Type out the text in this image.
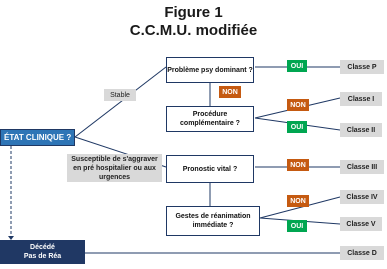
Figure 1
C.C.M.U. modifiée
ÉTAT CLINIQUE ?
Stable
Susceptible de s'aggraver en pré hospitalier ou aux urgences
Problème psy dominant ?
Procédure complémentaire ?
Pronostic vital ?
Gestes de réanimation immédiate ?
OUI
NON
NON
OUI
NON
NON
OUI
Classe P
Classe I
Classe II
Classe III
Classe IV
Classe V
Classe D
Décédé
Pas de Réa
